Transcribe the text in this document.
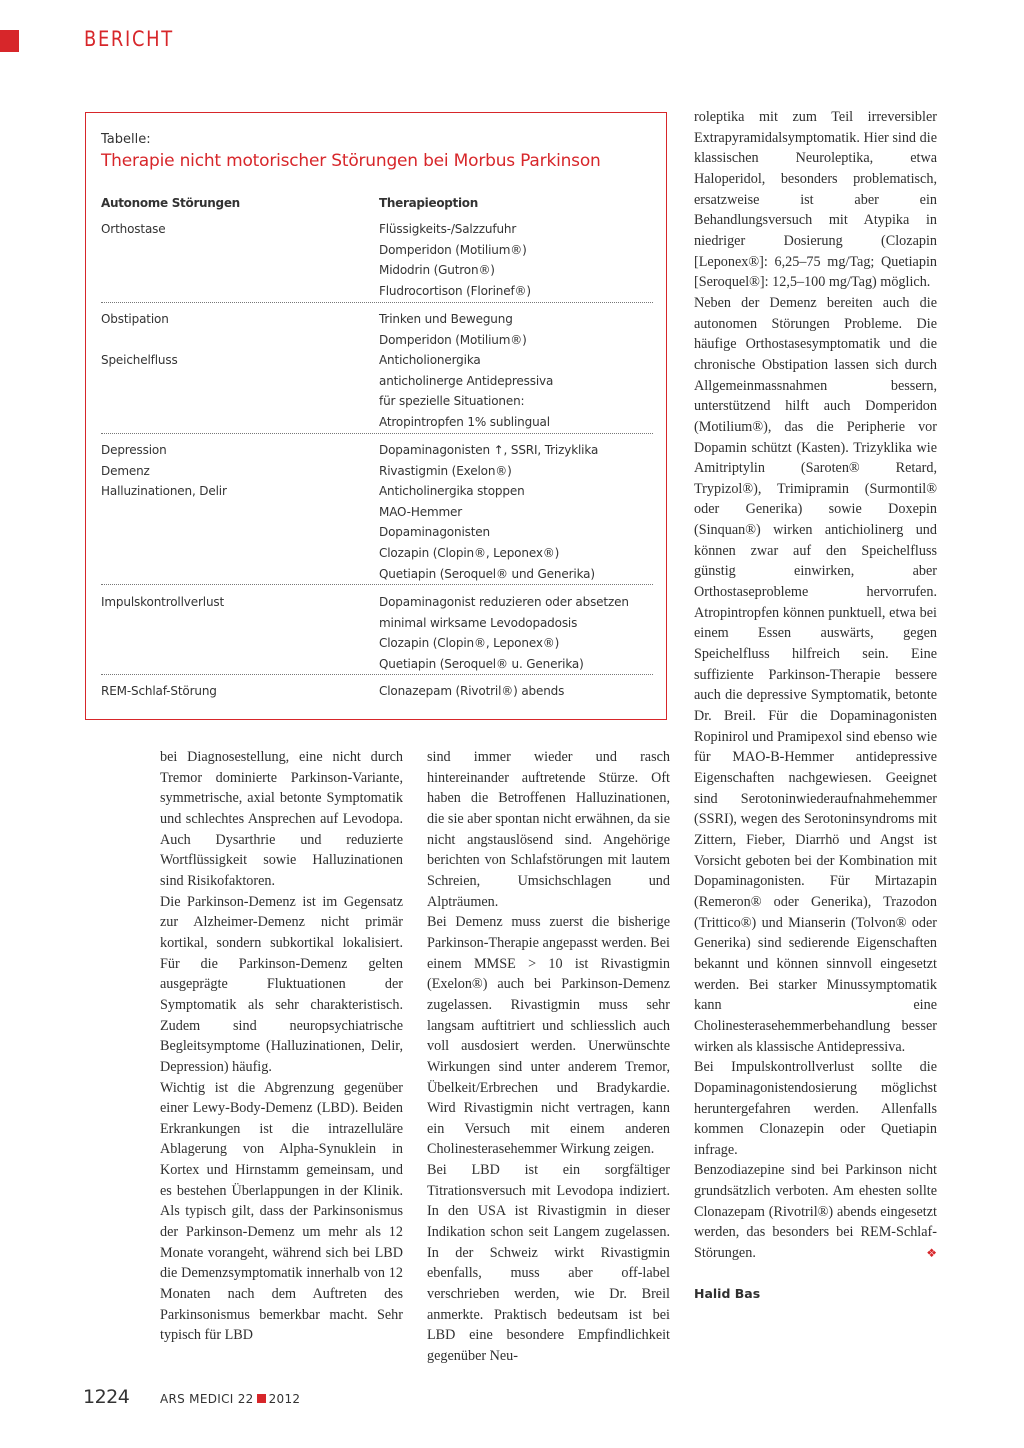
BERICHT
Tabelle:
Therapie nicht motorischer Störungen bei Morbus Parkinson
Autonome Störungen	Therapieoption
Orthostase	Flüssigkeits-/Salzzufuhr
Domperidon (Motilium®)
Midodrin (Gutron®)
Fludrocortison (Florinef®)
Obstipation	Trinken und Bewegung
Domperidon (Motilium®)
Speichelfluss	Anticholionergika
anticholinerge Antidepressiva
für spezielle Situationen:
Atropintropfen 1% sublingual
Depression	Dopaminagonisten ↑, SSRI, Trizyklika
Demenz	Rivastigmin (Exelon®)
Halluzinationen, Delir	Anticholinergika stoppen
MAO-Hemmer
Dopaminagonisten
Clozapin (Clopin®, Leponex®)
Quetiapin (Seroquel® und Generika)
Impulskontrollverlust	Dopaminagonist reduzieren oder absetzen
minimal wirksame Levodopadosis
Clozapin (Clopin®, Leponex®)
Quetiapin (Seroquel® u. Generika)
REM-Schlaf-Störung	Clonazepam (Rivotril®) abends

bei Diagnosestellung, eine nicht durch Tremor dominierte Parkinson-Variante, symmetrische, axial betonte Symptomatik und schlechtes Ansprechen auf Levodopa. Auch Dysarthrie und reduzierte Wortflüssigkeit sowie Halluzinationen sind Risikofaktoren.

Die Parkinson-Demenz ist im Gegensatz zur Alzheimer-Demenz nicht primär kortikal, sondern subkortikal lokalisiert. Für die Parkinson-Demenz gelten ausgeprägte Fluktuationen der Symptomatik als sehr charakteristisch. Zudem sind neuropsychiatrische Begleitsymptome (Halluzinationen, Delir, Depression) häufig.

Wichtig ist die Abgrenzung gegenüber einer Lewy-Body-Demenz (LBD). Beiden Erkrankungen ist die intrazelluläre Ablagerung von Alpha-Synuklein in Kortex und Hirnstamm gemeinsam, und es bestehen Überlappungen in der Klinik. Als typisch gilt, dass der Parkinsonismus der Parkinson-Demenz um mehr als 12 Monate vorangeht, während sich bei LBD die Demenzsymptomatik innerhalb von 12 Monaten nach dem Auftreten des Parkinsonismus bemerkbar macht. Sehr typisch für LBD

sind immer wieder und rasch hintereinander auftretende Stürze. Oft haben die Betroffenen Halluzinationen, die sie aber spontan nicht erwähnen, da sie nicht angstauslösend sind. Angehörige berichten von Schlafstörungen mit lautem Schreien, Umsichschlagen und Alpträumen.

Bei Demenz muss zuerst die bisherige Parkinson-Therapie angepasst werden. Bei einem MMSE > 10 ist Rivastigmin (Exelon®) auch bei Parkinson-Demenz zugelassen. Rivastigmin muss sehr langsam auftitriert und schliesslich auch voll ausdosiert werden. Unerwünschte Wirkungen sind unter anderem Tremor, Übelkeit/Erbrechen und Bradykardie. Wird Rivastigmin nicht vertragen, kann ein Versuch mit einem anderen Cholinesterasehemmer Wirkung zeigen.

Bei LBD ist ein sorgfältiger Titrationsversuch mit Levodopa indiziert. In den USA ist Rivastigmin in dieser Indikation schon seit Langem zugelassen. In der Schweiz wirkt Rivastigmin ebenfalls, muss aber off-label verschrieben werden, wie Dr. Breil anmerkte. Praktisch bedeutsam ist bei LBD eine besondere Empfindlichkeit gegenüber Neu-

roleptika mit zum Teil irreversibler Extrapyramidalsymptomatik. Hier sind die klassischen Neuroleptika, etwa Haloperidol, besonders problematisch, ersatzweise ist aber ein Behandlungsversuch mit Atypika in niedriger Dosierung (Clozapin [Leponex®]: 6,25–75 mg/Tag; Quetiapin [Seroquel®]: 12,5–100 mg/Tag) möglich.

Neben der Demenz bereiten auch die autonomen Störungen Probleme. Die häufige Orthostasesymptomatik und die chronische Obstipation lassen sich durch Allgemeinmassnahmen bessern, unterstützend hilft auch Domperidon (Motilium®), das die Peripherie vor Dopamin schützt (Kasten). Trizyklika wie Amitriptylin (Saroten® Retard, Trypizol®), Trimipramin (Surmontil® oder Generika) sowie Doxepin (Sinquan®) wirken antichiolinerg und können zwar auf den Speichelfluss günstig einwirken, aber Orthostaseprobleme hervorrufen. Atropintropfen können punktuell, etwa bei einem Essen auswärts, gegen Speichelfluss hilfreich sein. Eine suffiziente Parkinson-Therapie bessere auch die depressive Symptomatik, betonte Dr. Breil. Für die Dopaminagonisten Ropinirol und Pramipexol sind ebenso wie für MAO-B-Hemmer antidepressive Eigenschaften nachgewiesen. Geeignet sind Serotoninwiederaufnahmehemmer (SSRI), wegen des Serotoninsyndroms mit Zittern, Fieber, Diarrhö und Angst ist Vorsicht geboten bei der Kombination mit Dopaminagonisten. Für Mirtazapin (Remeron® oder Generika), Trazodon (Trittico®) und Mianserin (Tolvon® oder Generika) sind sedierende Eigenschaften bekannt und können sinnvoll eingesetzt werden. Bei starker Minussymptomatik kann eine Cholinesterasehemmerbehandlung besser wirken als klassische Antidepressiva.

Bei Impulskontrollverlust sollte die Dopaminagonistendosierung möglichst heruntergefahren werden. Allenfalls kommen Clonazepin oder Quetiapin infrage.

Benzodiazepine sind bei Parkinson nicht grundsätzlich verboten. Am ehesten sollte Clonazepam (Rivotril®) abends eingesetzt werden, das besonders bei REM-Schlaf-Störungen.	❖

Halid Bas

1224	ARS MEDICI 22 2012
